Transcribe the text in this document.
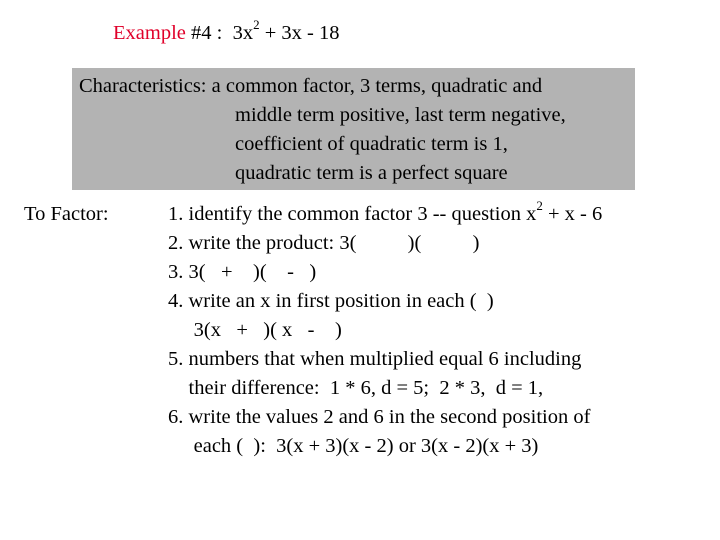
Example #4 :  $3x^2 + 3x - 18$
Characteristics: a common factor, 3 terms, quadratic and
middle term positive, last term negative,
coefficient of quadratic term is 1,
quadratic term is a perfect square
To Factor:	1. identify the common factor 3 -- question $x^2 + x - 6$
2. write the product: 3(          )(          )
3. 3(   +    )(    -   )
4. write an x in first position in each (  )
3(x   +   )( x   -    )
5. numbers that when multiplied equal 6 including
their difference:  1 * 6, d = 5;  2 * 3,  d = 1,
6. write the values 2 and 6 in the second position of
each (  ):  3(x + 3)(x - 2) or 3(x - 2)(x + 3)
